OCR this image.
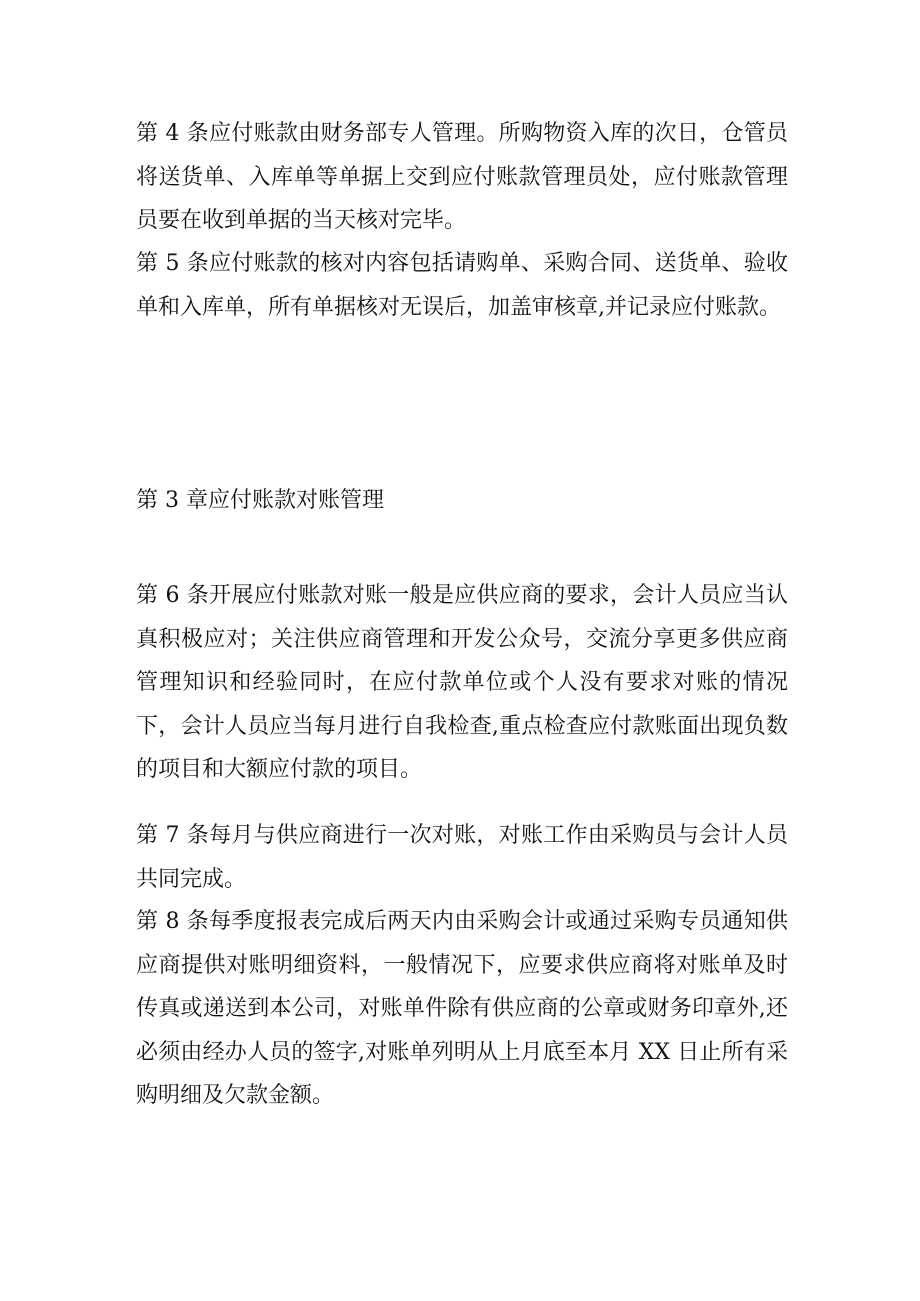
第 4 条应付账款由财务部专人管理。所购物资入库的次日，仓管员将送货单、入库单等单据上交到应付账款管理员处，应付账款管理员要在收到单据的当天核对完毕。

第 5 条应付账款的核对内容包括请购单、采购合同、送货单、验收单和入库单，所有单据核对无误后，加盖审核章,并记录应付账款。

第 3 章应付账款对账管理

第 6 条开展应付账款对账一般是应供应商的要求，会计人员应当认真积极应对；关注供应商管理和开发公众号，交流分享更多供应商管理知识和经验同时，在应付款单位或个人没有要求对账的情况下，会计人员应当每月进行自我检查,重点检查应付款账面出现负数的项目和大额应付款的项目。

第 7 条每月与供应商进行一次对账，对账工作由采购员与会计人员共同完成。

第 8 条每季度报表完成后两天内由采购会计或通过采购专员通知供应商提供对账明细资料，一般情况下，应要求供应商将对账单及时传真或递送到本公司，对账单件除有供应商的公章或财务印章外,还必须由经办人员的签字,对账单列明从上月底至本月 XX 日止所有采购明细及欠款金额。
